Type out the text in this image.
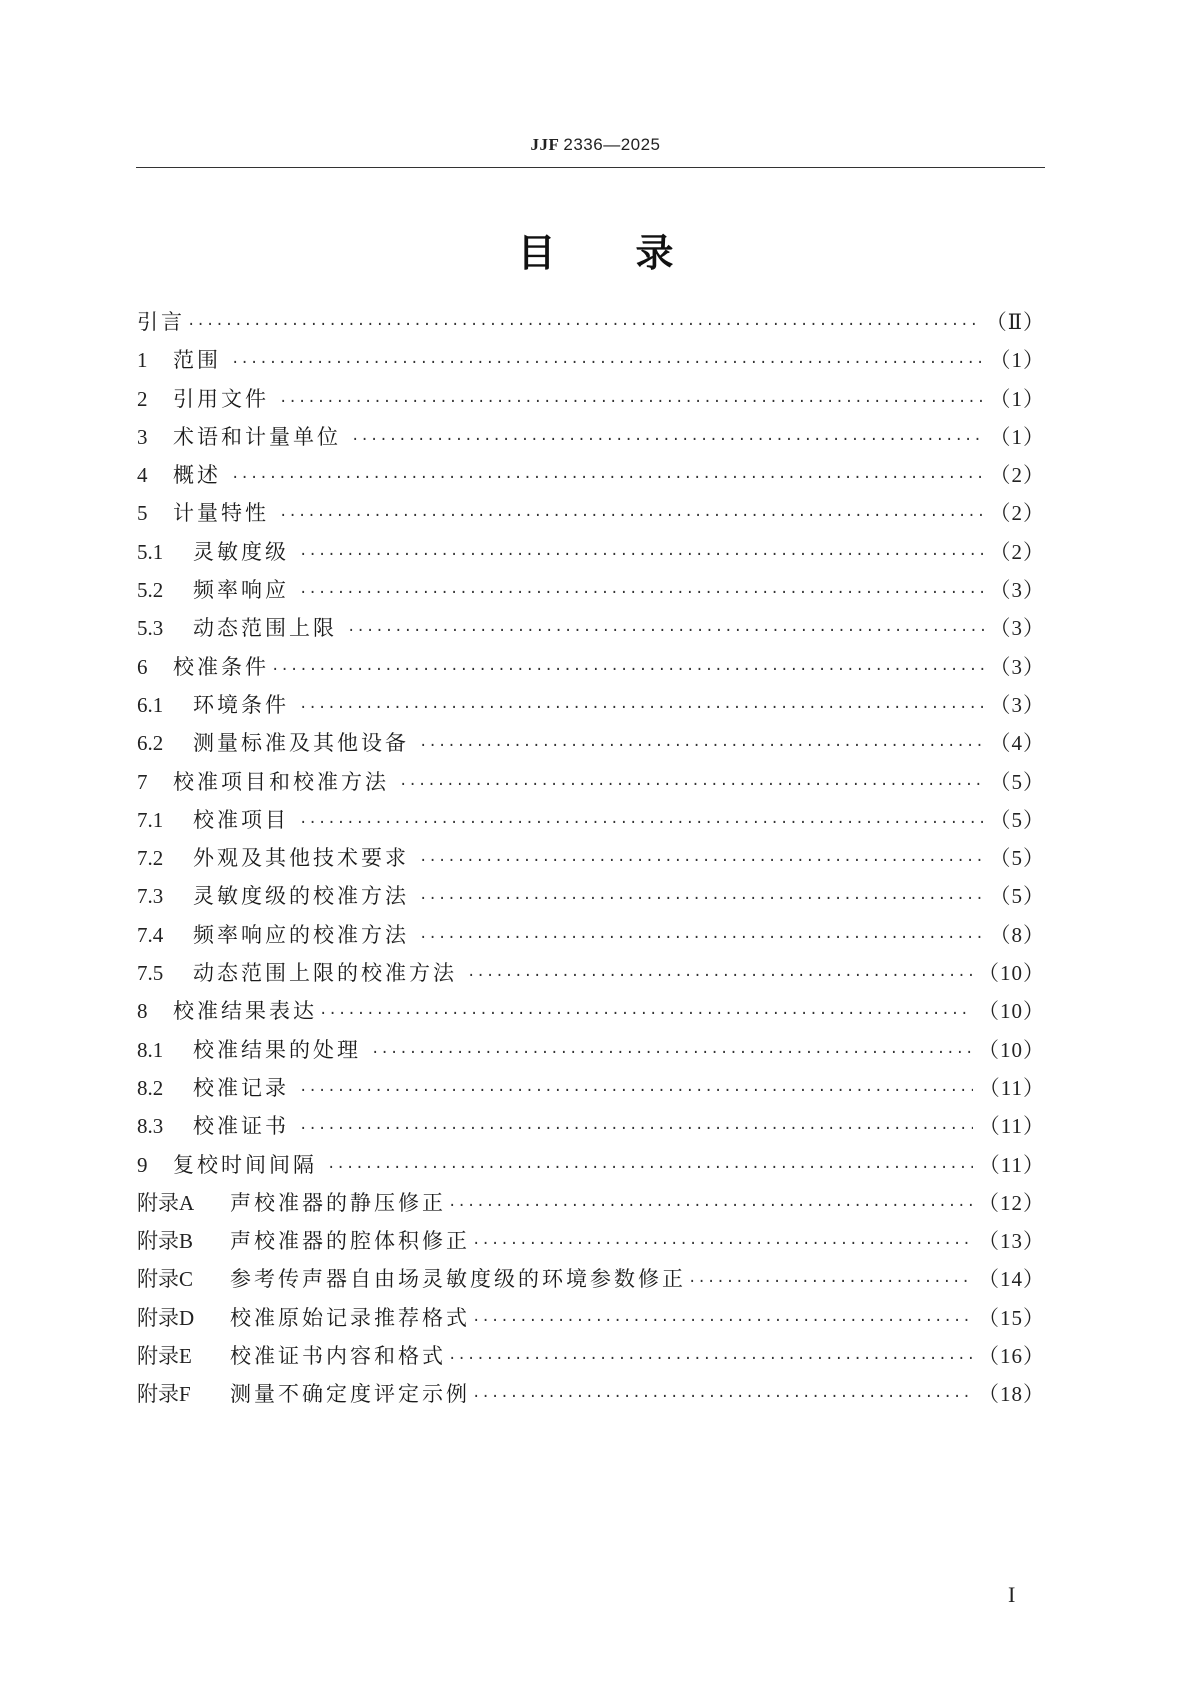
JJF 2336—2025
目录
引言 ·····	（Ⅱ）
1	范围 ·····	（1）
2	引用文件 ·····	（1）
3	术语和计量单位 ·····	（1）
4	概述 ·····	（2）
5	计量特性 ·····	（2）
5.1	灵敏度级 ·····	（2）
5.2	频率响应 ·····	（3）
5.3	动态范围上限 ·····	（3）
6	校准条件 ·····	（3）
6.1	环境条件 ·····	（3）
6.2	测量标准及其他设备 ·····	（4）
7	校准项目和校准方法 ·····	（5）
7.1	校准项目 ·····	（5）
7.2	外观及其他技术要求 ·····	（5）
7.3	灵敏度级的校准方法 ·····	（5）
7.4	频率响应的校准方法 ·····	（8）
7.5	动态范围上限的校准方法 ·····	（10）
8	校准结果表达 ·····	（10）
8.1	校准结果的处理 ·····	（10）
8.2	校准记录 ·····	（11）
8.3	校准证书 ·····	（11）
9	复校时间间隔 ·····	（11）
附录A	声校准器的静压修正 ·····	（12）
附录B	声校准器的腔体积修正 ·····	（13）
附录C	参考传声器自由场灵敏度级的环境参数修正 ·····	（14）
附录D	校准原始记录推荐格式 ·····	（15）
附录E	校准证书内容和格式 ·····	（16）
附录F	测量不确定度评定示例 ·····	（18）
I
